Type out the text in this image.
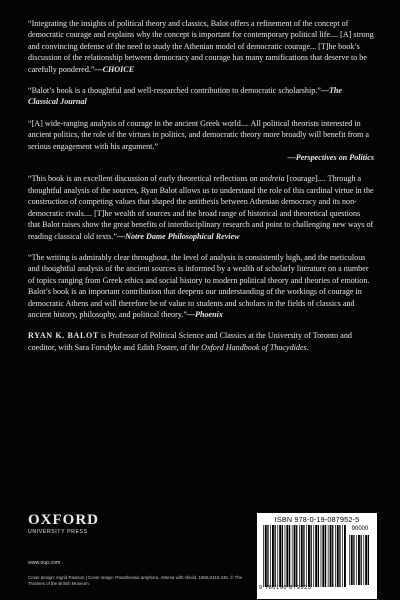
“Integrating the insights of political theory and classics, Balot offers a refinement of the concept of democratic courage and explains why the concept is important for contemporary political life.... [A] strong and convincing defense of the need to study the Athenian model of democratic courage... [T]he book’s discussion of the relationship between democracy and courage has many ramifications that deserve to be carefully pondered.”—CHOICE

“Balot’s book is a thoughtful and well-researched contribution to democratic scholarship.”—The Classical Journal

“[A] wide-ranging analysis of courage in the ancient Greek world.... All political theorists interested in ancient politics, the role of the virtues in politics, and democratic theory more broadly will benefit from a serious engagement with his argument.”
—Perspectives on Politics

“This book is an excellent discussion of early theoretical reflections on andreia [courage].... Through a thoughtful analysis of the sources, Ryan Balot allows us to understand the role of this cardinal virtue in the construction of competing values that shaped the antithesis between Athenian democracy and its non-democratic rivals.... [T]he wealth of sources and the broad range of historical and theoretical questions that Balot raises show the great benefits of interdisciplinary research and point to challenging new ways of reading classical old texts.”—Notre Dame Philosophical Review

“The writing is admirably clear throughout, the level of analysis is consistently high, and the meticulous and thoughtful analysis of the ancient sources is informed by a wealth of scholarly literature on a number of topics ranging from Greek ethics and social history to modern political theory and theories of emotion. Balot’s book is an important contribution that deepens our understanding of the workings of courage in democratic Athens and will therefore be of value to students and scholars in the fields of classics and ancient history, philosophy, and political theory.”—Phoenix

RYAN K. BALOT is Professor of Political Science and Classics at the University of Toronto and coeditor, with Sara Forsdyke and Edith Foster, of the Oxford Handbook of Thucydides.

OXFORD
UNIVERSITY PRESS
www.oup.com
Cover design: Ingrid Paulson | Cover image: Panathenaic amphora, Athena with shield. 1866,0415.246. © The Trustees of the British Museum.
ISBN 978-0-19-087952-5
90000
9 780190 879525
